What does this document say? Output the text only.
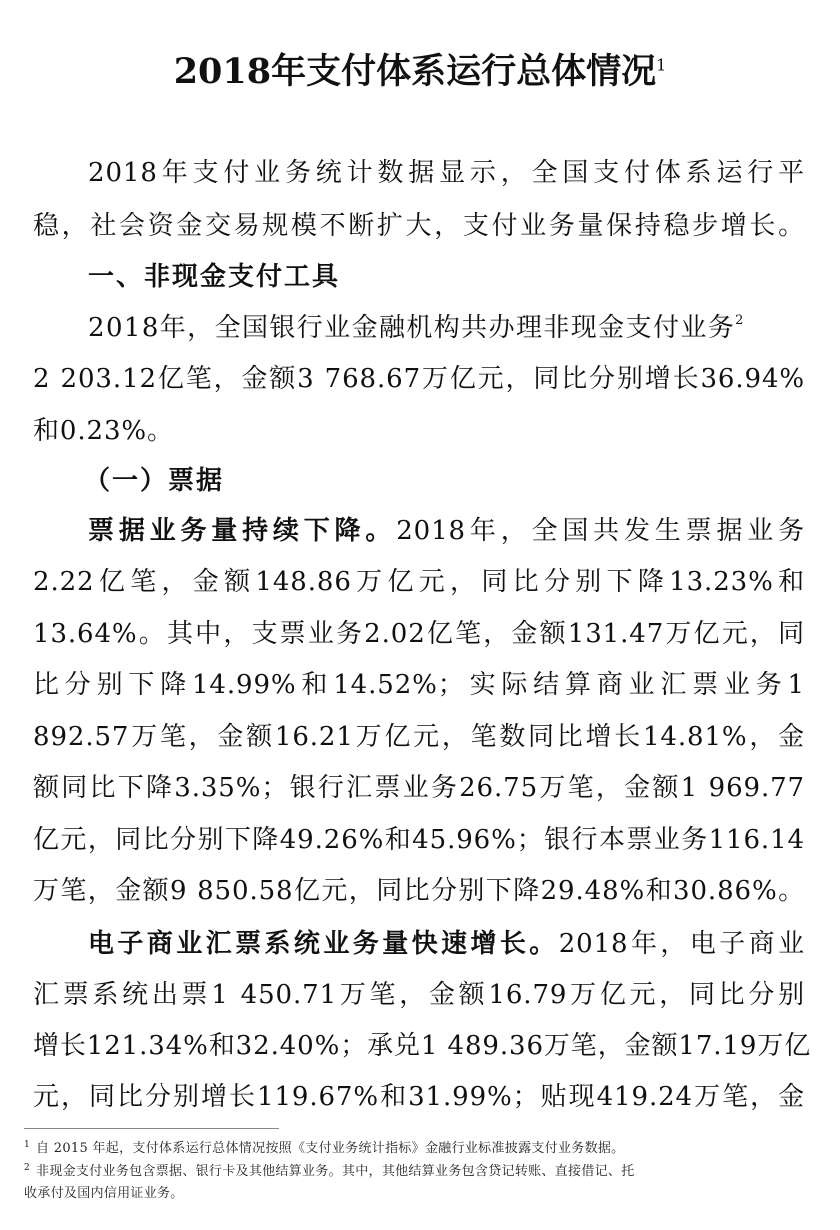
2018年支付体系运行总体情况$^1$
2018年支付业务统计数据显示，全国支付体系运行平
稳，社会资金交易规模不断扩大，支付业务量保持稳步增长。
一、非现金支付工具
2018年，全国银行业金融机构共办理非现金支付业务$^2$
2 203.12亿笔，金额3 768.67万亿元，同比分别增长36.94%
和0.23%。
（一）票据
票据业务量持续下降。2018年，全国共发生票据业务
2.22亿笔，金额148.86万亿元，同比分别下降13.23%和
13.64%。其中，支票业务2.02亿笔，金额131.47万亿元，同
比分别下降14.99%和14.52%；实际结算商业汇票业务1
892.57万笔，金额16.21万亿元，笔数同比增长14.81%，金
额同比下降3.35%；银行汇票业务26.75万笔，金额1 969.77
亿元，同比分别下降49.26%和45.96%；银行本票业务116.14
万笔，金额9 850.58亿元，同比分别下降29.48%和30.86%。
电子商业汇票系统业务量快速增长。2018年，电子商业
汇票系统出票1 450.71万笔，金额16.79万亿元，同比分别
增长121.34%和32.40%；承兑1 489.36万笔，金额17.19万亿
元，同比分别增长119.67%和31.99%；贴现419.24万笔，金
$^1$ 自 2015 年起，支付体系运行总体情况按照《支付业务统计指标》金融行业标准披露支付业务数据。
$^2$ 非现金支付业务包含票据、银行卡及其他结算业务。其中，其他结算业务包含贷记转账、直接借记、托
收承付及国内信用证业务。
